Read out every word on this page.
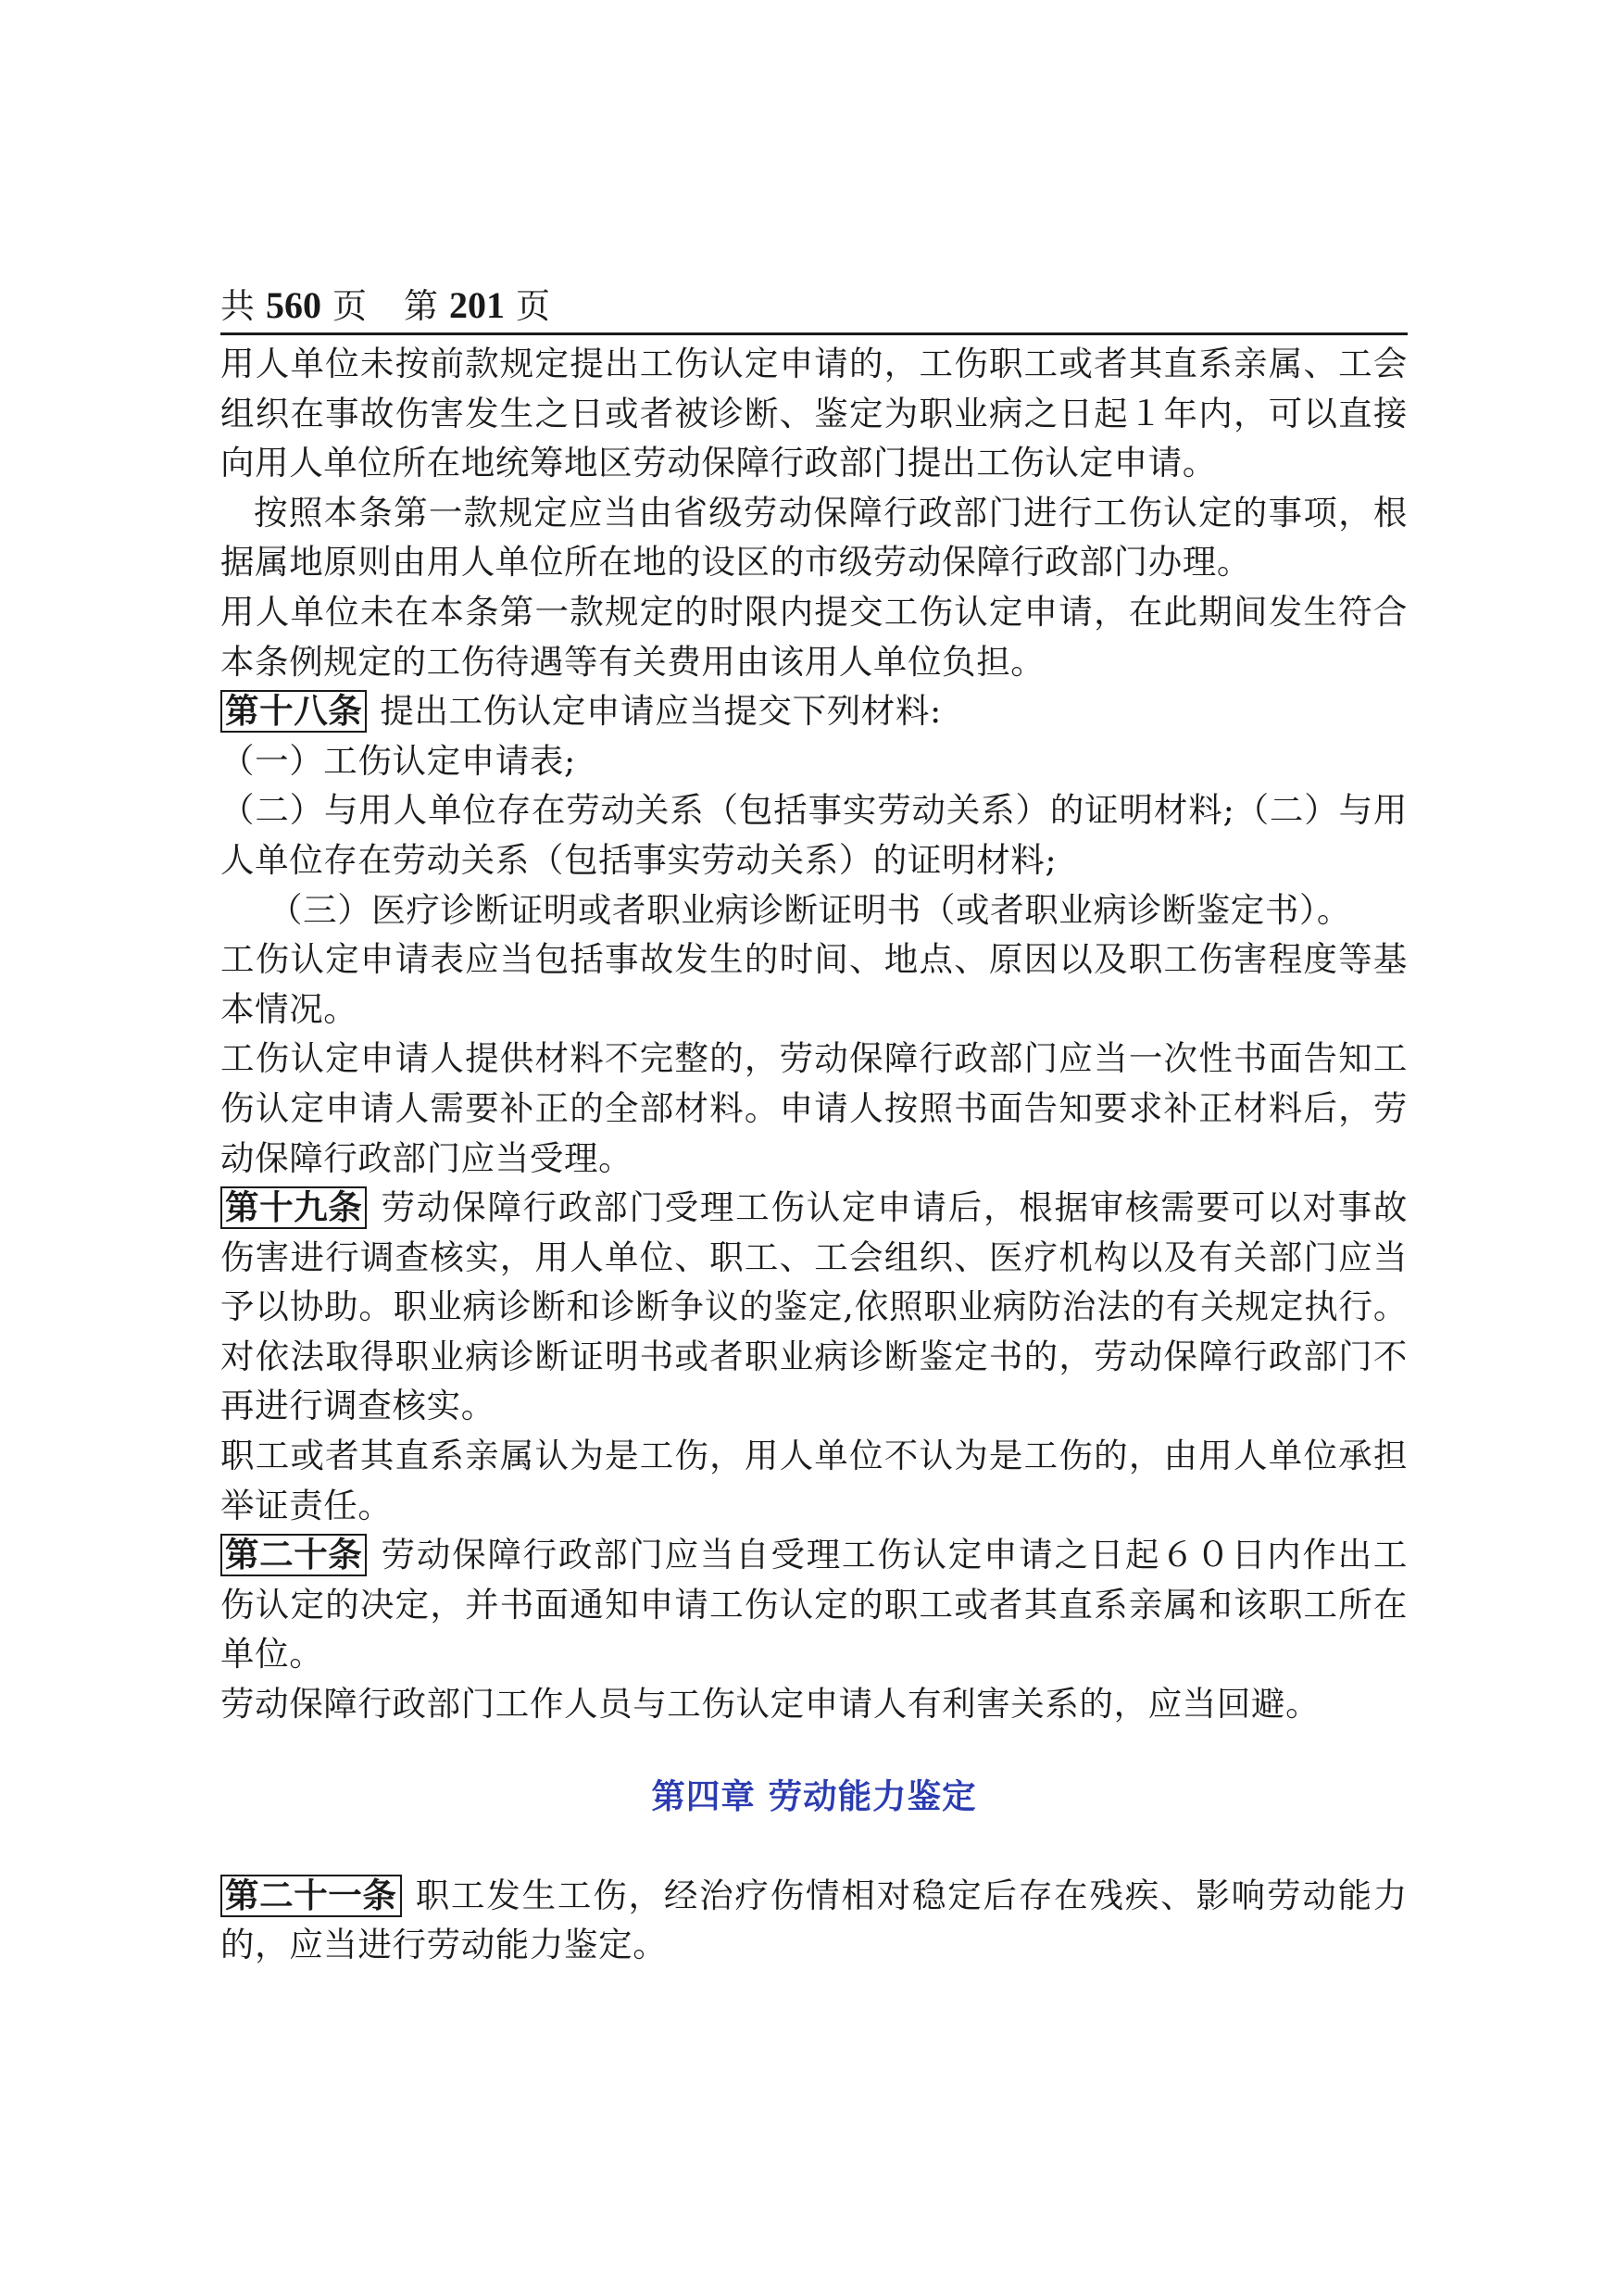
共 560 页 第 201 页

用人单位未按前款规定提出工伤认定申请的，工伤职工或者其直系亲属、工会组织在事故伤害发生之日或者被诊断、鉴定为职业病之日起１年内，可以直接向用人单位所在地统筹地区劳动保障行政部门提出工伤认定申请。

按照本条第一款规定应当由省级劳动保障行政部门进行工伤认定的事项，根据属地原则由用人单位所在地的设区的市级劳动保障行政部门办理。

用人单位未在本条第一款规定的时限内提交工伤认定申请，在此期间发生符合本条例规定的工伤待遇等有关费用由该用人单位负担。

第十八条 提出工伤认定申请应当提交下列材料:

（一）工伤认定申请表;

（二）与用人单位存在劳动关系（包括事实劳动关系）的证明材料;（二）与用人单位存在劳动关系（包括事实劳动关系）的证明材料;

（三）医疗诊断证明或者职业病诊断证明书（或者职业病诊断鉴定书）。

工伤认定申请表应当包括事故发生的时间、地点、原因以及职工伤害程度等基本情况。

工伤认定申请人提供材料不完整的，劳动保障行政部门应当一次性书面告知工伤认定申请人需要补正的全部材料。申请人按照书面告知要求补正材料后，劳动保障行政部门应当受理。

第十九条 劳动保障行政部门受理工伤认定申请后，根据审核需要可以对事故伤害进行调查核实，用人单位、职工、工会组织、医疗机构以及有关部门应当予以协助。职业病诊断和诊断争议的鉴定,依照职业病防治法的有关规定执行。对依法取得职业病诊断证明书或者职业病诊断鉴定书的，劳动保障行政部门不再进行调查核实。

职工或者其直系亲属认为是工伤，用人单位不认为是工伤的，由用人单位承担举证责任。

第二十条 劳动保障行政部门应当自受理工伤认定申请之日起６０日内作出工伤认定的决定，并书面通知申请工伤认定的职工或者其直系亲属和该职工所在单位。

劳动保障行政部门工作人员与工伤认定申请人有利害关系的，应当回避。

第四章 劳动能力鉴定

第二十一条 职工发生工伤，经治疗伤情相对稳定后存在残疾、影响劳动能力的，应当进行劳动能力鉴定。
